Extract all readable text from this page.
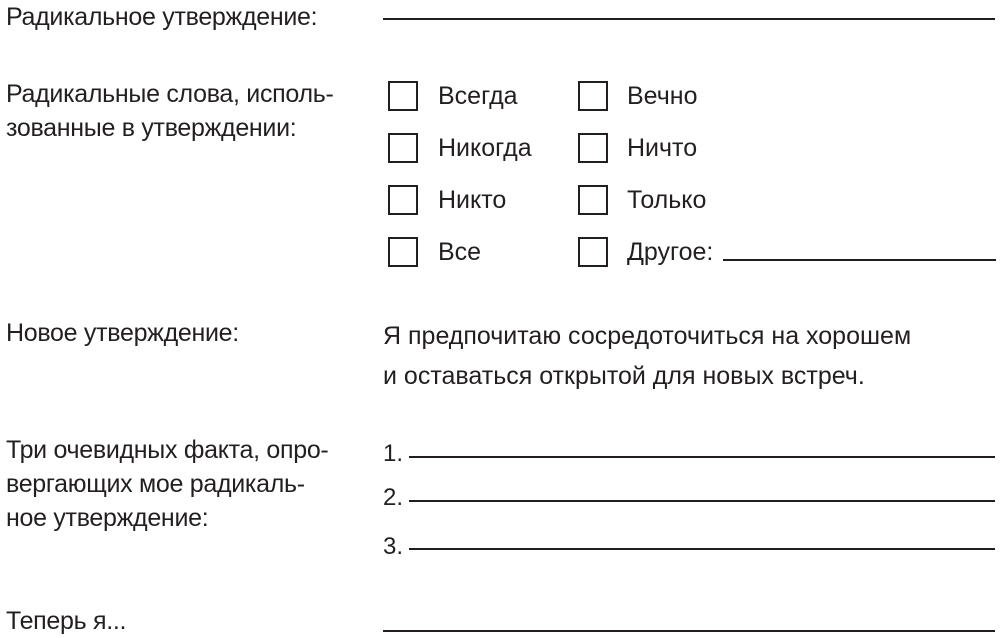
Радикальное утверждение:
Радикальные слова, исполь-
зованные в утверждении:
Всегда
Никогда
Никто
Все
Вечно
Ничто
Только
Другое:
Новое утверждение:	Я предпочитаю сосредоточиться на хорошем
и оставаться открытой для новых встреч.
Три очевидных факта, опро-
вергающих мое радикаль-
ное утверждение:
1.
2.
3.
Теперь я...
